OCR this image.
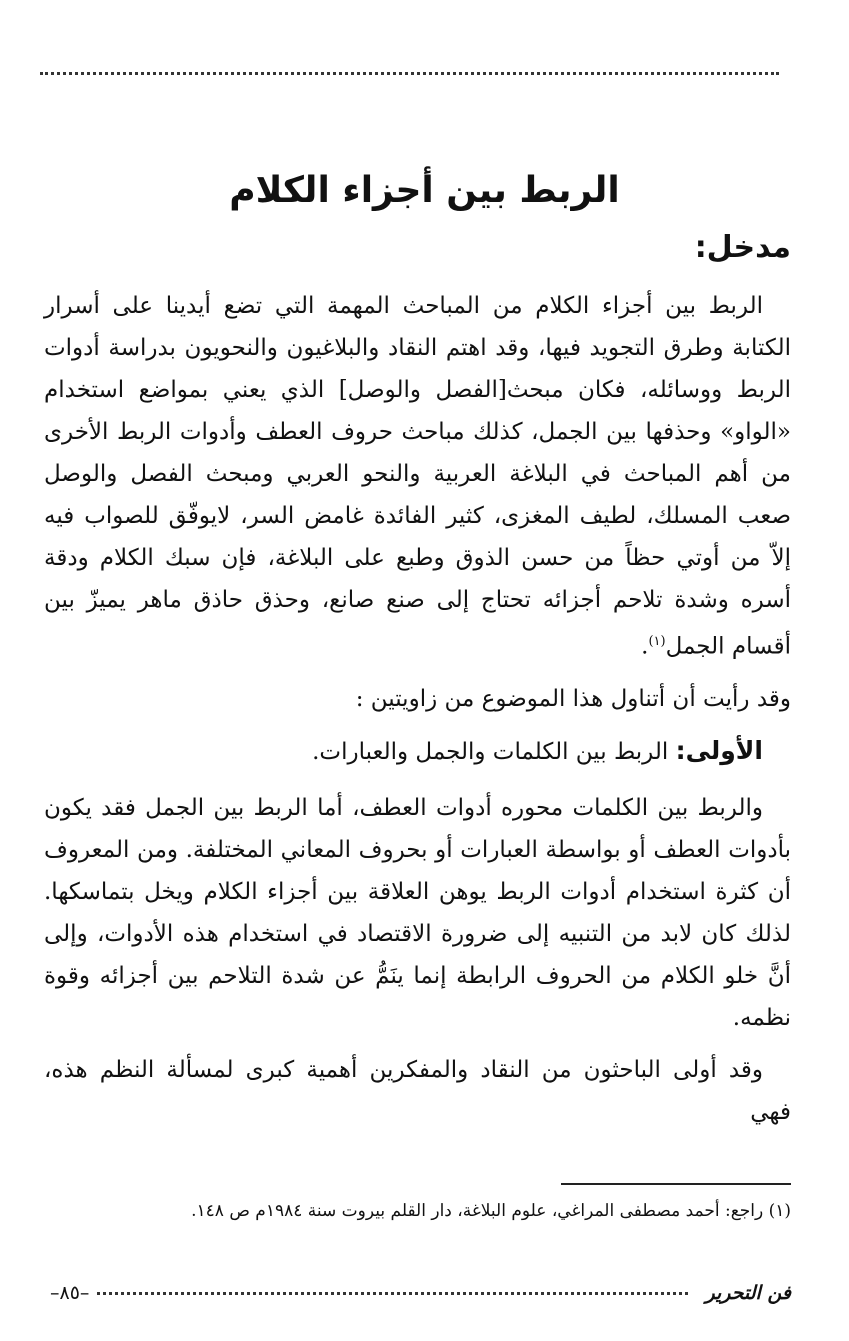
الربط بين أجزاء الكلام
مدخل:

الربط بين أجزاء الكلام من المباحث المهمة التي تضع أيدينا على أسرار الكتابة وطرق التجويد فيها، وقد اهتم النقاد والبلاغيون والنحويون بدراسة أدوات الربط ووسائله، فكان مبحث[الفصل والوصل] الذي يعني بمواضع استخدام «الواو» وحذفها بين الجمل، كذلك مباحث حروف العطف وأدوات الربط الأخرى من أهم المباحث في البلاغة العربية والنحو العربي ومبحث الفصل والوصل صعب المسلك، لطيف المغزى، كثير الفائدة غامض السر، لايوفّق للصواب فيه إلاّ من أوتي حظاً من حسن الذوق وطبع على البلاغة، فإن سبك الكلام ودقة أسره وشدة تلاحم أجزائه تحتاج إلى صنع صانع، وحذق حاذق ماهر يميزّ بين أقسام الجمل$^{(١)}$.

وقد رأيت أن أتناول هذا الموضوع من زاويتين :

الأولى: الربط بين الكلمات والجمل والعبارات.

والربط بين الكلمات محوره أدوات العطف، أما الربط بين الجمل فقد يكون بأدوات العطف أو بواسطة العبارات أو بحروف المعاني المختلفة. ومن المعروف أن كثرة استخدام أدوات الربط يوهن العلاقة بين أجزاء الكلام ويخل بتماسكها. لذلك كان لابد من التنبيه إلى ضرورة الاقتصاد في استخدام هذه الأدوات، وإلى أنَّ خلو الكلام من الحروف الرابطة إنما ينَمُّ عن شدة التلاحم بين أجزائه وقوة نظمه.

وقد أولى الباحثون من النقاد والمفكرين أهمية كبرى لمسألة النظم هذه، فهي

(١) راجع: أحمد مصطفى المراغي، علوم البلاغة، دار القلم بيروت سنة ١٩٨٤م ص ١٤٨.
فن التحرير
–٨٥–
